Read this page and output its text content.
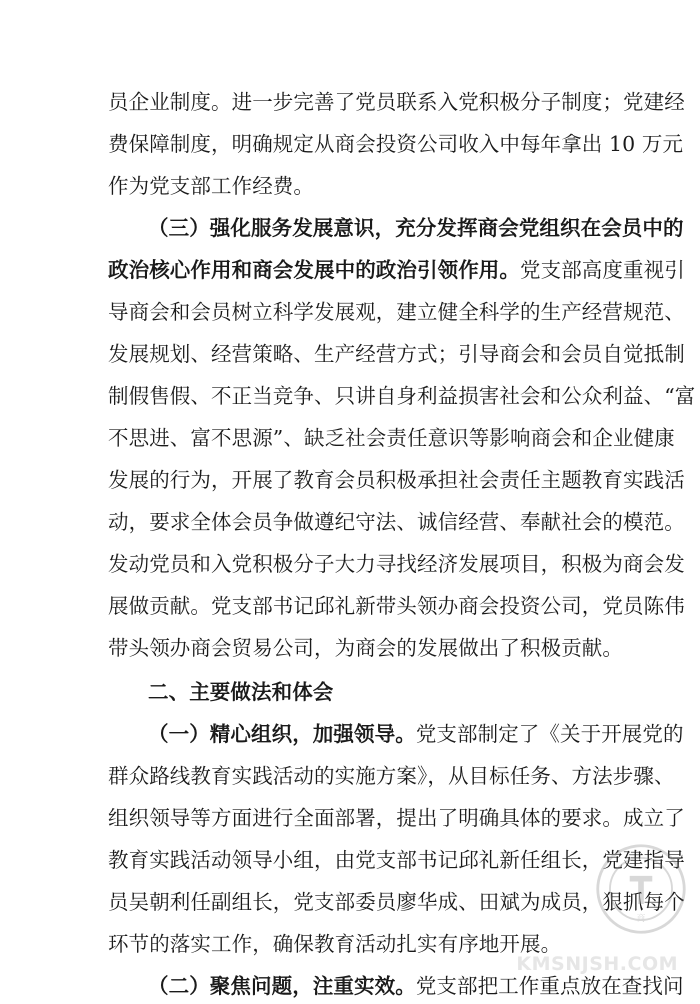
员企业制度。进一步完善了党员联系入党积极分子制度；党建经
费保障制度，明确规定从商会投资公司收入中每年拿出 10 万元
作为党支部工作经费。
（三）强化服务发展意识，充分发挥商会党组织在会员中的
政治核心作用和商会发展中的政治引领作用。党支部高度重视引
导商会和会员树立科学发展观，建立健全科学的生产经营规范、
发展规划、经营策略、生产经营方式；引导商会和会员自觉抵制
制假售假、不正当竞争、只讲自身利益损害社会和公众利益、“富
不思进、富不思源”、缺乏社会责任意识等影响商会和企业健康
发展的行为，开展了教育会员积极承担社会责任主题教育实践活
动，要求全体会员争做遵纪守法、诚信经营、奉献社会的模范。
发动党员和入党积极分子大力寻找经济发展项目，积极为商会发
展做贡献。党支部书记邱礼新带头领办商会投资公司，党员陈伟
带头领办商会贸易公司，为商会的发展做出了积极贡献。
二、主要做法和体会
（一）精心组织，加强领导。党支部制定了《关于开展党的
群众路线教育实践活动的实施方案》，从目标任务、方法步骤、
组织领导等方面进行全面部署，提出了明确具体的要求。成立了
教育实践活动领导小组，由党支部书记邱礼新任组长，党建指导
员吴朝利任副组长，党支部委员廖华成、田斌为成员，狠抓每个
环节的落实工作，确保教育活动扎实有序地开展。
（二）聚焦问题，注重实效。党支部把工作重点放在查找问
商
KMSNJSH.COM
